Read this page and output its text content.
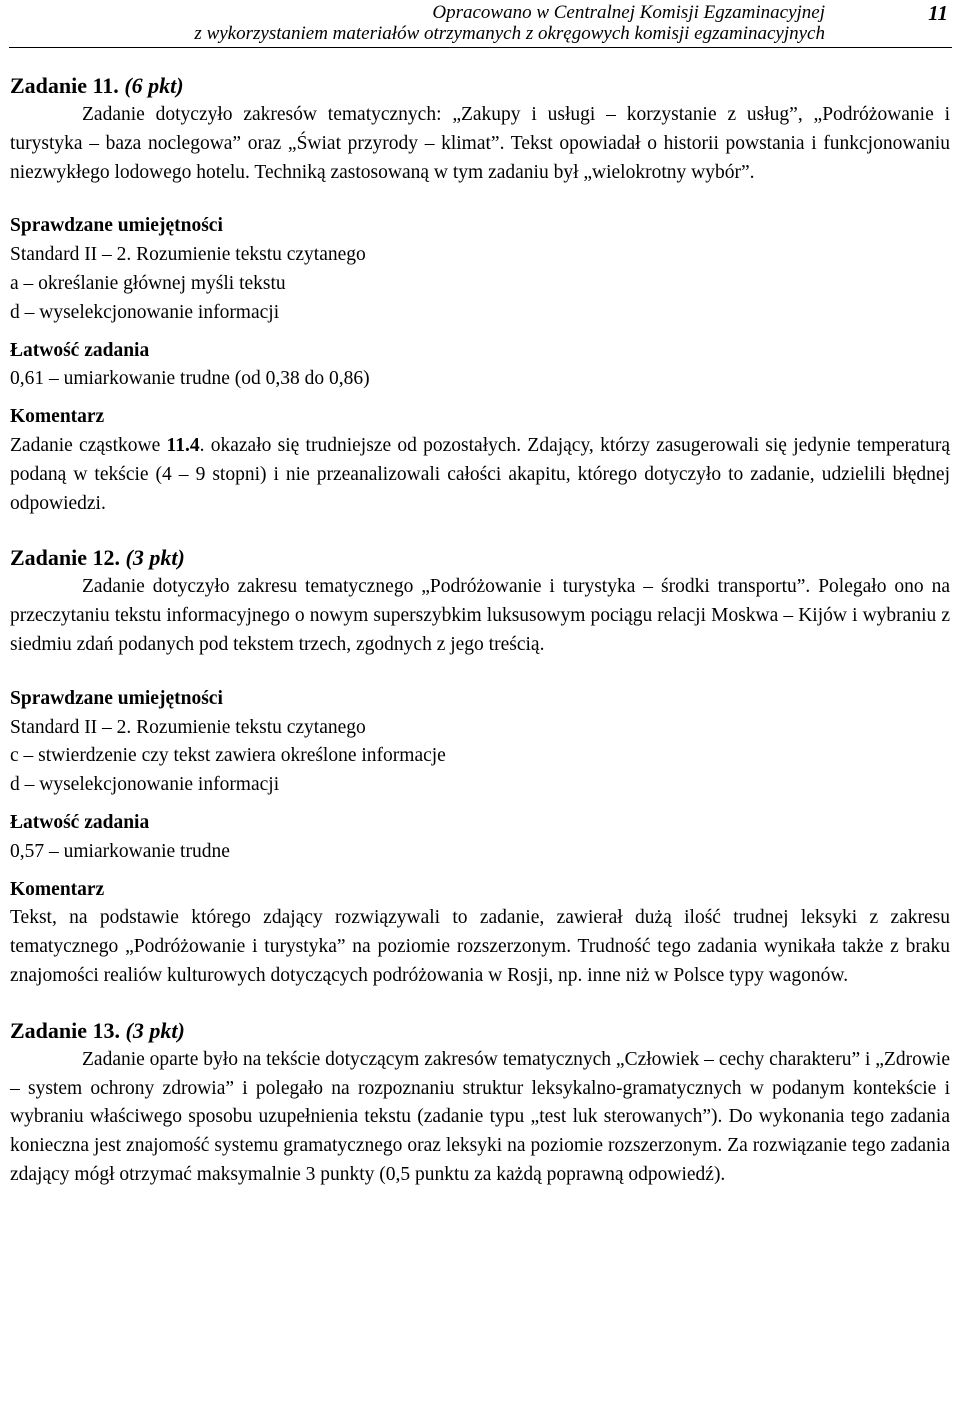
Opracowano w Centralnej Komisji Egzaminacyjnej
z wykorzystaniem materiałów otrzymanych z okręgowych komisji egzaminacyjnych
11
Zadanie 11. (6 pkt)

Zadanie dotyczyło zakresów tematycznych: „Zakupy i usługi – korzystanie z usług”, „Podróżowanie i turystyka – baza noclegowa” oraz „Świat przyrody – klimat”. Tekst opowiadał o historii powstania i funkcjonowaniu niezwykłego lodowego hotelu. Techniką zastosowaną w tym zadaniu był „wielokrotny wybór”.

Sprawdzane umiejętności

Standard II – 2. Rozumienie tekstu czytanego

a – określanie głównej myśli tekstu

d – wyselekcjonowanie informacji

Łatwość zadania

0,61 – umiarkowanie trudne (od 0,38 do 0,86)

Komentarz

Zadanie cząstkowe 11.4. okazało się trudniejsze od pozostałych. Zdający, którzy zasugerowali się jedynie temperaturą podaną w tekście (4 – 9 stopni) i nie przeanalizowali całości akapitu, którego dotyczyło to zadanie, udzielili błędnej odpowiedzi.

Zadanie 12. (3 pkt)

Zadanie dotyczyło zakresu tematycznego „Podróżowanie i turystyka – środki transportu”. Polegało ono na przeczytaniu tekstu informacyjnego o nowym superszybkim luksusowym pociągu relacji Moskwa – Kijów i wybraniu z siedmiu zdań podanych pod tekstem trzech, zgodnych z jego treścią.

Sprawdzane umiejętności

Standard II – 2. Rozumienie tekstu czytanego

c – stwierdzenie czy tekst zawiera określone informacje

d – wyselekcjonowanie informacji

Łatwość zadania

0,57 – umiarkowanie trudne

Komentarz

Tekst, na podstawie którego zdający rozwiązywali to zadanie, zawierał dużą ilość trudnej leksyki z zakresu tematycznego „Podróżowanie i turystyka” na poziomie rozszerzonym. Trudność tego zadania wynikała także z braku znajomości realiów kulturowych dotyczących podróżowania w Rosji, np. inne niż w Polsce typy wagonów.

Zadanie 13. (3 pkt)

Zadanie oparte było na tekście dotyczącym zakresów tematycznych „Człowiek – cechy charakteru” i „Zdrowie – system ochrony zdrowia” i polegało na rozpoznaniu struktur leksykalno-gramatycznych w podanym kontekście i wybraniu właściwego sposobu uzupełnienia tekstu (zadanie typu „test luk sterowanych”). Do wykonania tego zadania konieczna jest znajomość systemu gramatycznego oraz leksyki na poziomie rozszerzonym. Za rozwiązanie tego zadania zdający mógł otrzymać maksymalnie 3 punkty (0,5 punktu za każdą poprawną odpowiedź).
